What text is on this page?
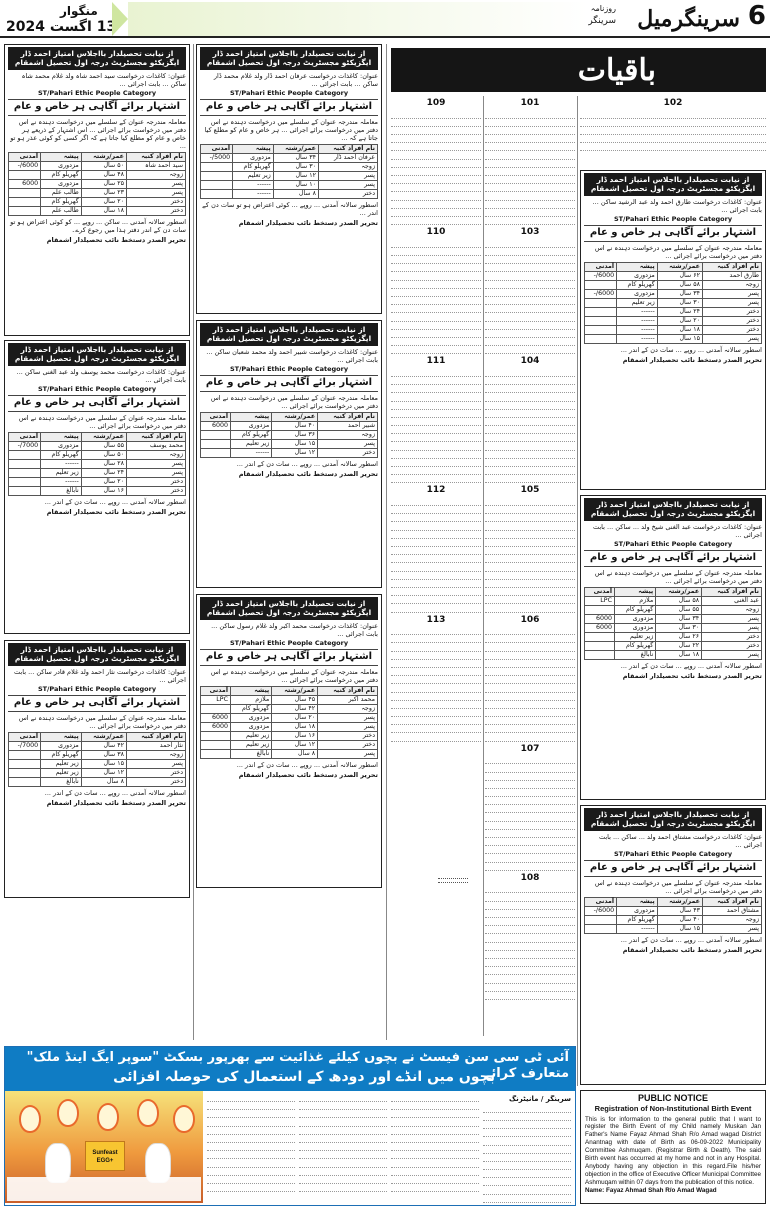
منگوار
13 اگست 2024	6
سرینگرمیل
روزنامہ
سرینگر
از نیابت تحصیلدار بااجلاس امتیاز احمد ڈار ایگزیکٹو مجسٹریٹ درجہ اول تحصیل اشمقام
عنوان: کاغذات درخواست سید احمد شاہ ولد غلام محمد شاہ ساکن ... بابت اجرائی ...
ST/Pahari Ethic People Category
اشتہار برائے آگاہی ہر خاص و عام
معاملہ مندرجہ عنوان کے سلسلے میں درخواست دہندہ نے اس دفتر میں درخواست برائے اجرائی ... اس اشتہار کے ذریعے ہر خاص و عام کو مطلع کیا جاتا ہے کہ اگر کسی کو کوئی عذر ہو تو ...
نام افراد کنبہ	عمر/رشتہ	پیشہ	آمدنی
سید احمد شاہ	۵۰ سال	مزدوری	6000/-
زوجہ	۴۸ سال	گھریلو کام	
پسر	۲۵ سال	مزدوری	6000
پسر	۲۳ سال	طالب علم	
دختر	۲۰ سال	گھریلو کام	
دختر	۱۸ سال	طالب علم	
اسطور سالانہ آمدنی ... ساکن ... روپے ... کو کوئی اعتراض ہو تو سات دن کے اندر دفتر ہذا میں رجوع کرے۔
تحریر الصدر دستخط نائب تحصیلدار اشمقام
از نیابت تحصیلدار بااجلاس امتیاز احمد ڈار ایگزیکٹو مجسٹریٹ درجہ اول تحصیل اشمقام
عنوان: کاغذات درخواست عرفان احمد ڈار ولد غلام محمد ڈار ساکن ... بابت اجرائی ...
ST/Pahari Ethic People Category
اشتہار برائے آگاہی ہر خاص و عام
معاملہ مندرجہ عنوان کے سلسلے میں درخواست دہندہ نے اس دفتر میں درخواست برائے اجرائی ... ہر خاص و عام کو مطلع کیا جاتا ہے کہ ...
نام افراد کنبہ	عمر/رشتہ	پیشہ	آمدنی
عرفان احمد ڈار	۳۴ سال	مزدوری	5000/-
زوجہ	۳۰ سال	گھریلو کام	
پسر	۱۲ سال	زیر تعلیم	
پسر	۱۰ سال	------	
دختر	۸ سال	------	
اسطور سالانہ آمدنی ... روپے ... کوئی اعتراض ہو تو سات دن کے اندر ...
تحریر الصدر دستخط نائب تحصیلدار اشمقام
از نیابت تحصیلدار بااجلاس امتیاز احمد ڈار ایگزیکٹو مجسٹریٹ درجہ اول تحصیل اشمقام
عنوان: کاغذات درخواست شبیر احمد ولد محمد شعبان ساکن ... بابت اجرائی ...
ST/Pahari Ethic People Category
اشتہار برائے آگاہی ہر خاص و عام
معاملہ مندرجہ عنوان کے سلسلے میں درخواست دہندہ نے اس دفتر میں درخواست برائے اجرائی ...
نام افراد کنبہ	عمر/رشتہ	پیشہ	آمدنی
شبیر احمد	۴۰ سال	مزدوری	6000
زوجہ	۳۶ سال	گھریلو کام	
پسر	۱۵ سال	زیر تعلیم	
دختر	۱۲ سال	------	
اسطور سالانہ آمدنی ... روپے ... سات دن کے اندر ...
تحریر الصدر دستخط نائب تحصیلدار اشمقام
از نیابت تحصیلدار بااجلاس امتیاز احمد ڈار ایگزیکٹو مجسٹریٹ درجہ اول تحصیل اشمقام
عنوان: کاغذات درخواست محمد اکبر ولد غلام رسول ساکن ... بابت اجرائی ...
ST/Pahari Ethic People Category
اشتہار برائے آگاہی ہر خاص و عام
معاملہ مندرجہ عنوان کے سلسلے میں درخواست دہندہ نے اس دفتر میں درخواست برائے اجرائی ...
نام افراد کنبہ	عمر/رشتہ	پیشہ	آمدنی
محمد اکبر	۴۵ سال	ملازم	LPC
زوجہ	۴۲ سال	گھریلو کام	
پسر	۲۰ سال	مزدوری	6000
پسر	۱۸ سال	مزدوری	6000
دختر	۱۶ سال	زیر تعلیم	
دختر	۱۲ سال	زیر تعلیم	
پسر	۸ سال	نابالغ	
اسطور سالانہ آمدنی ... روپے ... سات دن کے اندر ...
تحریر الصدر دستخط نائب تحصیلدار اشمقام
از نیابت تحصیلدار بااجلاس امتیاز احمد ڈار ایگزیکٹو مجسٹریٹ درجہ اول تحصیل اشمقام
عنوان: کاغذات درخواست محمد یوسف ولد عبد الغنی ساکن ... بابت اجرائی ...
ST/Pahari Ethic People Category
اشتہار برائے آگاہی ہر خاص و عام
معاملہ مندرجہ عنوان کے سلسلے میں درخواست دہندہ نے اس دفتر میں درخواست برائے اجرائی ...
نام افراد کنبہ	عمر/رشتہ	پیشہ	آمدنی
محمد یوسف	۵۵ سال	مزدوری	7000/-
زوجہ	۵۰ سال	گھریلو کام	
پسر	۲۸ سال	------	
پسر	۲۴ سال	زیر تعلیم	
دختر	۲۰ سال	------	
دختر	۱۶ سال	نابالغ	
اسطور سالانہ آمدنی ... روپے ... سات دن کے اندر ...
تحریر الصدر دستخط نائب تحصیلدار اشمقام
از نیابت تحصیلدار بااجلاس امتیاز احمد ڈار ایگزیکٹو مجسٹریٹ درجہ اول تحصیل اشمقام
عنوان: کاغذات درخواست نثار احمد ولد غلام قادر ساکن ... بابت اجرائی ...
ST/Pahari Ethic People Category
اشتہار برائے آگاہی ہر خاص و عام
معاملہ مندرجہ عنوان کے سلسلے میں درخواست دہندہ نے اس دفتر میں درخواست برائے اجرائی ...
نام افراد کنبہ	عمر/رشتہ	پیشہ	آمدنی
نثار احمد	۴۲ سال	مزدوری	7000/-
زوجہ	۳۸ سال	گھریلو کام	
پسر	۱۵ سال	زیر تعلیم	
دختر	۱۲ سال	زیر تعلیم	
دختر	۸ سال	نابالغ	
اسطور سالانہ آمدنی ... روپے ... سات دن کے اندر ...
تحریر الصدر دستخط نائب تحصیلدار اشمقام
از نیابت تحصیلدار بااجلاس امتیاز احمد ڈار ایگزیکٹو مجسٹریٹ درجہ اول تحصیل اشمقام
عنوان: کاغذات درخواست طارق احمد ولد عبد الرشید ساکن ... بابت اجرائی ...
ST/Pahari Ethic People Category
اشتہار برائے آگاہی ہر خاص و عام
معاملہ مندرجہ عنوان کے سلسلے میں درخواست دہندہ نے اس دفتر میں درخواست برائے اجرائی ...
نام افراد کنبہ	عمر/رشتہ	پیشہ	آمدنی
طارق احمد	۶۲ سال	مزدوری	6000/-
زوجہ	۵۸ سال	گھریلو کام	
پسر	۳۴ سال	مزدوری	6000/-
پسر	۳۰ سال	زیر تعلیم	
دختر	۲۴ سال	------	
دختر	۲۰ سال	------	
دختر	۱۸ سال	------	
پسر	۱۵ سال	------	
اسطور سالانہ آمدنی ... روپے ... سات دن کے اندر ...
تحریر الصدر دستخط نائب تحصیلدار اشمقام
از نیابت تحصیلدار بااجلاس امتیاز احمد ڈار ایگزیکٹو مجسٹریٹ درجہ اول تحصیل اشمقام
عنوان: کاغذات درخواست عبد الغنی شیخ ولد ... ساکن ... بابت اجرائی ...
ST/Pahari Ethic People Category
اشتہار برائے آگاہی ہر خاص و عام
معاملہ مندرجہ عنوان کے سلسلے میں درخواست دہندہ نے اس دفتر میں درخواست برائے اجرائی ...
نام افراد کنبہ	عمر/رشتہ	پیشہ	آمدنی
عبد الغنی	۵۸ سال	ملازم	LPC
زوجہ	۵۵ سال	گھریلو کام	
پسر	۳۴ سال	مزدوری	6000
پسر	۳۰ سال	مزدوری	6000
دختر	۲۶ سال	زیر تعلیم	
دختر	۲۲ سال	گھریلو کام	
پسر	۱۸ سال	نابالغ	
اسطور سالانہ آمدنی ... روپے ... سات دن کے اندر ...
تحریر الصدر دستخط نائب تحصیلدار اشمقام
از نیابت تحصیلدار بااجلاس امتیاز احمد ڈار ایگزیکٹو مجسٹریٹ درجہ اول تحصیل اشمقام
عنوان: کاغذات درخواست مشتاق احمد ولد ... ساکن ... بابت اجرائی ...
ST/Pahari Ethic People Category
اشتہار برائے آگاہی ہر خاص و عام
معاملہ مندرجہ عنوان کے سلسلے میں درخواست دہندہ نے اس دفتر میں درخواست برائے اجرائی ...
نام افراد کنبہ	عمر/رشتہ	پیشہ	آمدنی
مشتاق احمد	۴۳ سال	مزدوری	6000/-
زوجہ	۴۰ سال	گھریلو کام	
پسر	۱۵ سال	------	
اسطور سالانہ آمدنی ... روپے ... سات دن کے اندر ...
تحریر الصدر دستخط نائب تحصیلدار اشمقام
باقیات
109
110
111
112
113
101
103
104
105
106
107
108
102
آئی ٹی سی سن فیسٹ نے بچوں کیلئے غذائیت سے بھرپور بسکٹ "سوپر ایگ اینڈ ملک" متعارف کرائے
بچوں میں انڈے اور دودھ کے استعمال کی حوصلہ افزائی
Sunfeast EGG+
سرینگر / مانیٹرنگ	PUBLIC NOTICE
Registration of Non-Institutional Birth Event
This is for information to the general public that I want to register the Birth Event of my Child namely Muskan Jan Father's Name Fayaz Ahmad Shah R/o Amad wagad District Anantnag with date of Birth as 06-09-2022 Municipality Committee Ashmuqam. (Registrar Birth & Death). The said Birth event has occurred at my home and not in any Hospital. Anybody having any objection in this regard.File his/her objection in the office of Executive Officer Municipal Committee Ashmuqam within 07 days from the publication of this notice.
Name: Fayaz Ahmad Shah R/o Amad Wagad
